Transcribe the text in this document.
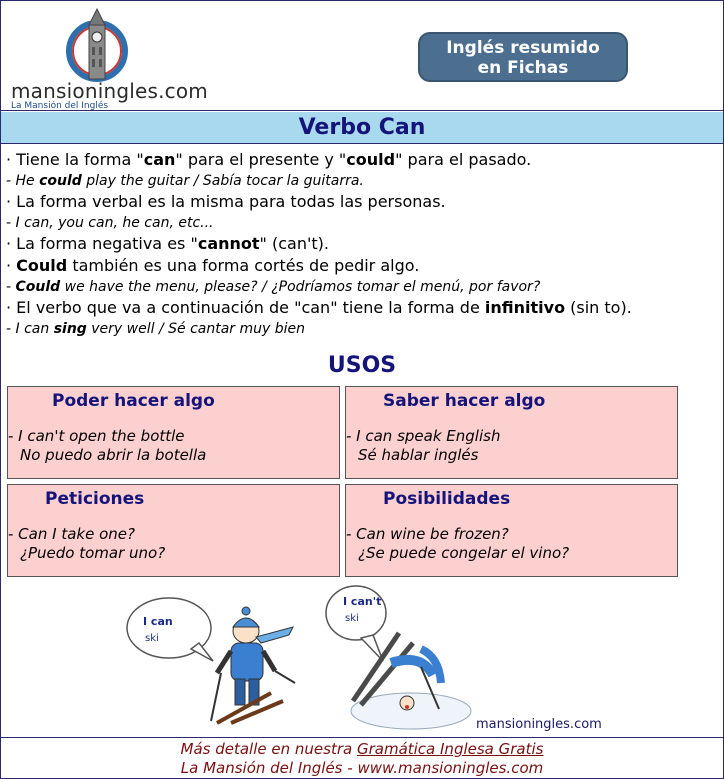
mansioningles.com
La Mansión del Inglés
Inglés resumido
en Fichas
Verbo Can
· Tiene la forma "can" para el presente y "could" para el pasado.
- He could play the guitar / Sabía tocar la guitarra.
· La forma verbal es la misma para todas las personas.
- I can, you can, he can, etc...
· La forma negativa es "cannot" (can't).
· Could también es una forma cortés de pedir algo.
- Could we have the menu, please? / ¿Podríamos tomar el menú, por favor?
· El verbo que va a continuación de "can" tiene la forma de infinitivo (sin to).
- I can sing very well / Sé cantar muy bien
USOS
Poder hacer algo
- I can't open the bottle
No puedo abrir la botella
Saber hacer algo
- I can speak English
Sé hablar inglés
Peticiones
- Can I take one?
¿Puedo tomar uno?
Posibilidades
- Can wine be frozen?
¿Se puede congelar el vino?
I can
ski
I can't
ski
mansioningles.com
Más detalle en nuestra Gramática Inglesa Gratis
La Mansión del Inglés - www.mansioningles.com
